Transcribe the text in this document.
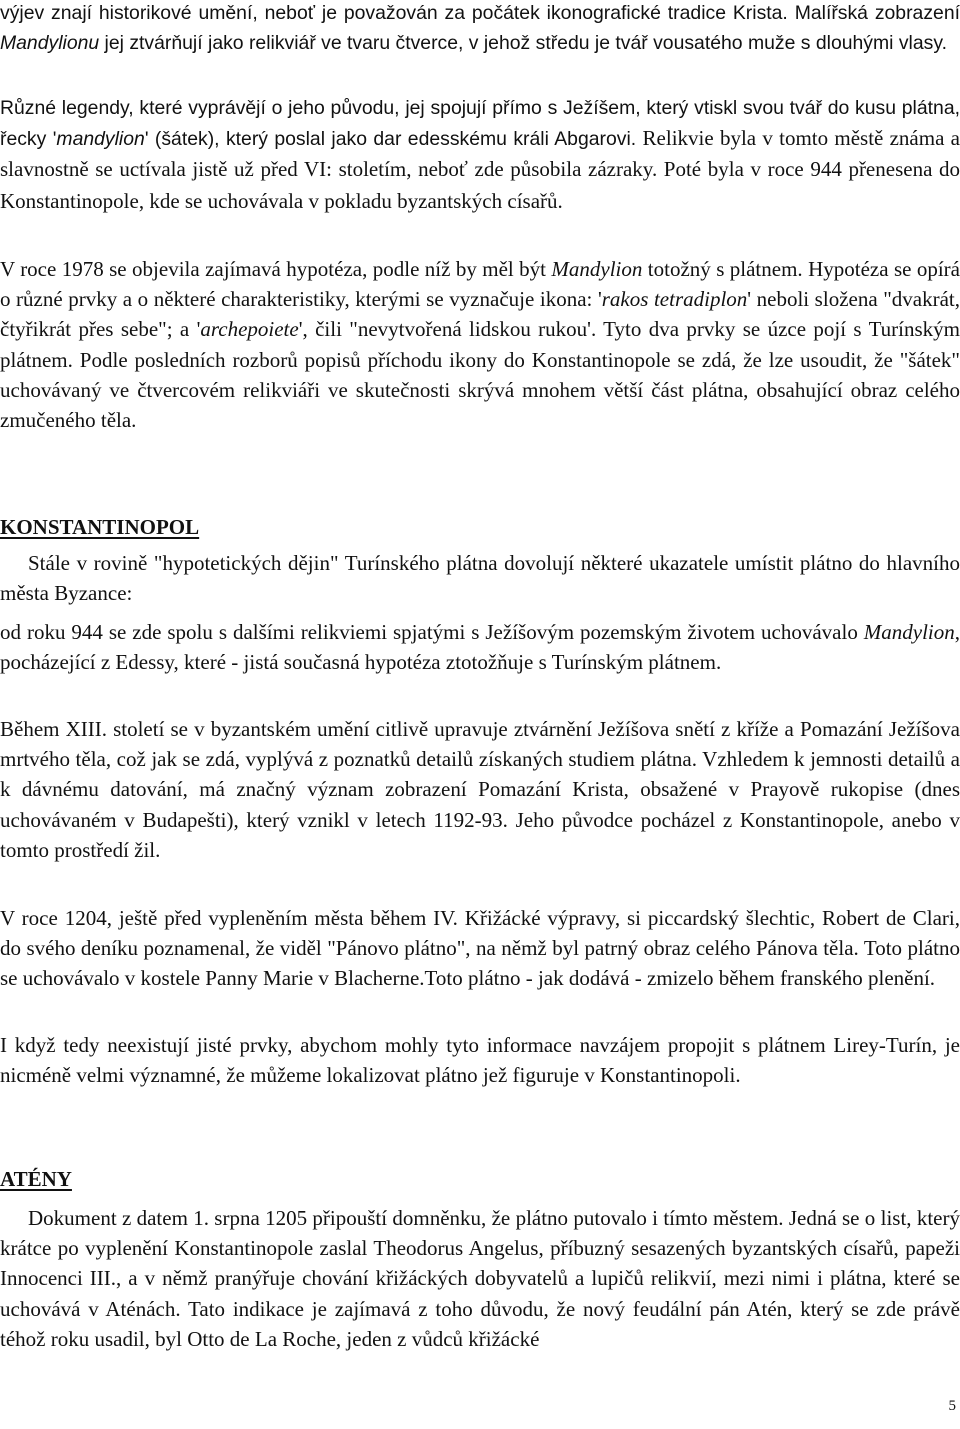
výjev znají historikové umění, neboť je považován za počátek ikonografické tradice Krista. Malířská zobrazení Mandylionu jej ztvárňují jako relikviář ve tvaru čtverce, v jehož středu je tvář vousatého muže s dlouhými vlasy.

Různé legendy, které vyprávějí o jeho původu, jej spojují přímo s Ježíšem, který vtiskl svou tvář do kusu plátna, řecky 'mandylion' (šátek), který poslal jako dar edesskému králi Abgarovi. Relikvie byla v tomto městě známa a slavnostně se uctívala jistě už před VI: stoletím, neboť zde působila zázraky. Poté byla v roce 944 přenesena do Konstantinopole, kde se uchovávala v pokladu byzantských císařů.

V roce 1978 se objevila zajímavá hypotéza, podle níž by měl být Mandylion totožný s plátnem. Hypotéza se opírá o různé prvky a o některé charakteristiky, kterými se vyznačuje ikona: 'rakos tetradiplon' neboli složena "dvakrát, čtyřikrát přes sebe"; a 'archepoiete', čili "nevytvořená lidskou rukou'. Tyto dva prvky se úzce pojí s Turínským plátnem. Podle posledních rozborů popisů příchodu ikony do Konstantinopole se zdá, že lze usoudit, že "šátek" uchovávaný ve čtvercovém relikviáři ve skutečnosti skrývá mnohem větší část plátna, obsahující obraz celého zmučeného těla.

KONSTANTINOPOL

Stále v rovině "hypotetických dějin" Turínského plátna dovolují některé ukazatele umístit plátno do hlavního města Byzance:

od roku 944 se zde spolu s dalšími relikviemi spjatými s Ježíšovým pozemským životem uchovávalo Mandylion, pocházející z Edessy, které - jistá současná hypotéza ztotožňuje s Turínským plátnem.

Během XIII. století se v byzantském umění citlivě upravuje ztvárnění Ježíšova snětí z kříže a Pomazání Ježíšova mrtvého těla, což jak se zdá, vyplývá z poznatků detailů získaných studiem plátna. Vzhledem k jemnosti detailů a k dávnému datování, má značný význam zobrazení Pomazání Krista, obsažené v Prayově rukopise (dnes uchovávaném v Budapešti), který vznikl v letech 1192-93. Jeho původce pocházel z Konstantinopole, anebo v tomto prostředí žil.

V roce 1204, ještě před vypleněním města během IV. Křižácké výpravy, si piccardský šlechtic, Robert de Clari, do svého deníku poznamenal, že viděl "Pánovo plátno", na němž byl patrný obraz celého Pánova těla. Toto plátno se uchovávalo v kostele Panny Marie v Blacherne.Toto plátno - jak dodává - zmizelo během franského plenění.

I když tedy neexistují jisté prvky, abychom mohly tyto informace navzájem propojit s plátnem Lirey-Turín, je nicméně velmi významné, že můžeme lokalizovat plátno jež figuruje v Konstantinopoli.

ATÉNY

Dokument z datem 1. srpna 1205 připouští domněnku, že plátno putovalo i tímto městem. Jedná se o list, který krátce po vyplenění Konstantinopole zaslal Theodorus Angelus, příbuzný sesazených byzantských císařů, papeži Innocenci III., a v němž pranýřuje chování křižáckých dobyvatelů a lupičů relikvií, mezi nimi i plátna, které se uchovává v Aténách. Tato indikace je zajímavá z toho důvodu, že nový feudální pán Atén, který se zde právě téhož roku usadil, byl Otto de La Roche, jeden z vůdců křižácké

5
